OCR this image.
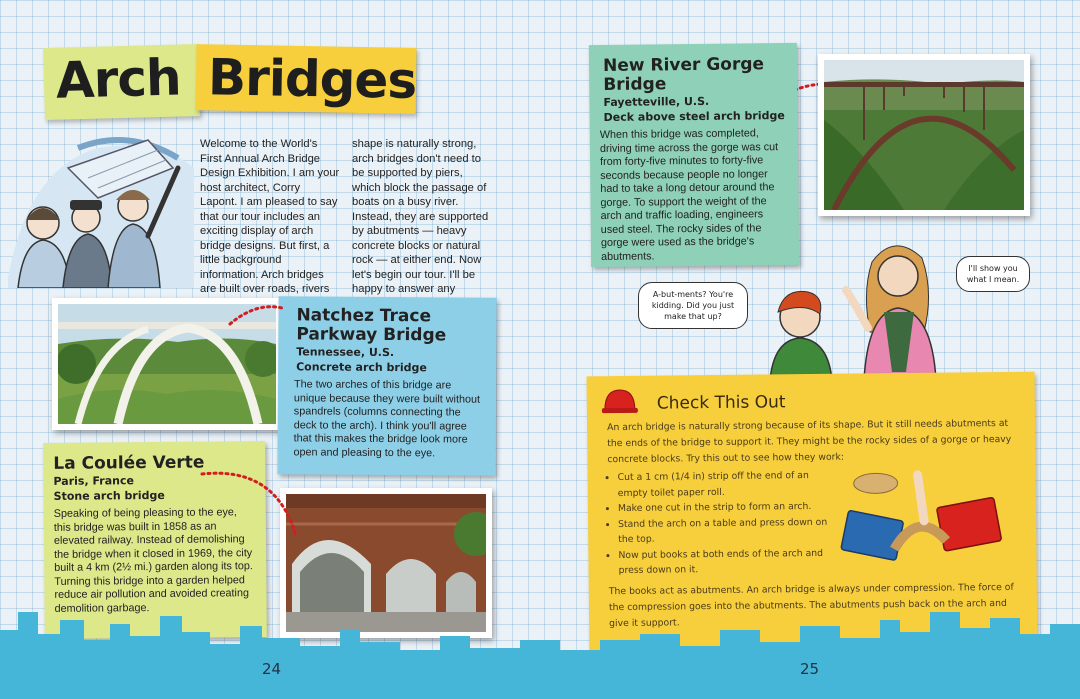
Arch Bridges
Welcome to the World's First Annual Arch Bridge Design Exhibition. I am your host architect, Corry Lapont. I am pleased to say that our tour includes an exciting display of arch bridge designs. But first, a little background information. Arch bridges are built over roads, rivers
shape is naturally strong, arch bridges don't need to be supported by piers, which block the passage of boats on a busy river. Instead, they are supported by abutments — heavy concrete blocks or natural rock — at either end. Now let's begin our tour. I'll be happy to answer any
Natchez Trace
Parkway Bridge
Tennessee, U.S.
Concrete arch bridge

The two arches of this bridge are unique because they were built without spandrels (columns connecting the deck to the arch). I think you'll agree that this makes the bridge look more open and pleasing to the eye.

La Coulée Verte
Paris, France
Stone arch bridge

Speaking of being pleasing to the eye, this bridge was built in 1858 as an elevated railway. Instead of demolishing the bridge when it closed in 1969, the city built a 4 km (2½ mi.) garden along its top. Turning this bridge into a garden helped reduce air pollution and avoided creating demolition garbage.

New River Gorge
Bridge
Fayetteville, U.S.
Deck above steel arch bridge

When this bridge was completed, driving time across the gorge was cut from forty-five minutes to forty-five seconds because people no longer had to take a long detour around the gorge. To support the weight of the arch and traffic loading, engineers used steel. The rocky sides of the gorge were used as the bridge's abutments.

A-but-ments? You're kidding. Did you just make that up?
I'll show you what I mean.
Check This Out

An arch bridge is naturally strong because of its shape. But it still needs abutments at the ends of the bridge to support it. They might be the rocky sides of a gorge or heavy concrete blocks. Try this out to see how they work:

• Cut a 1 cm (1/4 in) strip off the end of an empty toilet paper roll.
• Make one cut in the strip to form an arch.
• Stand the arch on a table and press down on the top.
• Now put books at both ends of the arch and press down on it.

The books act as abutments. An arch bridge is always under compression. The force of the compression goes into the abutments. The abutments push back on the arch and give it support.

24	25
